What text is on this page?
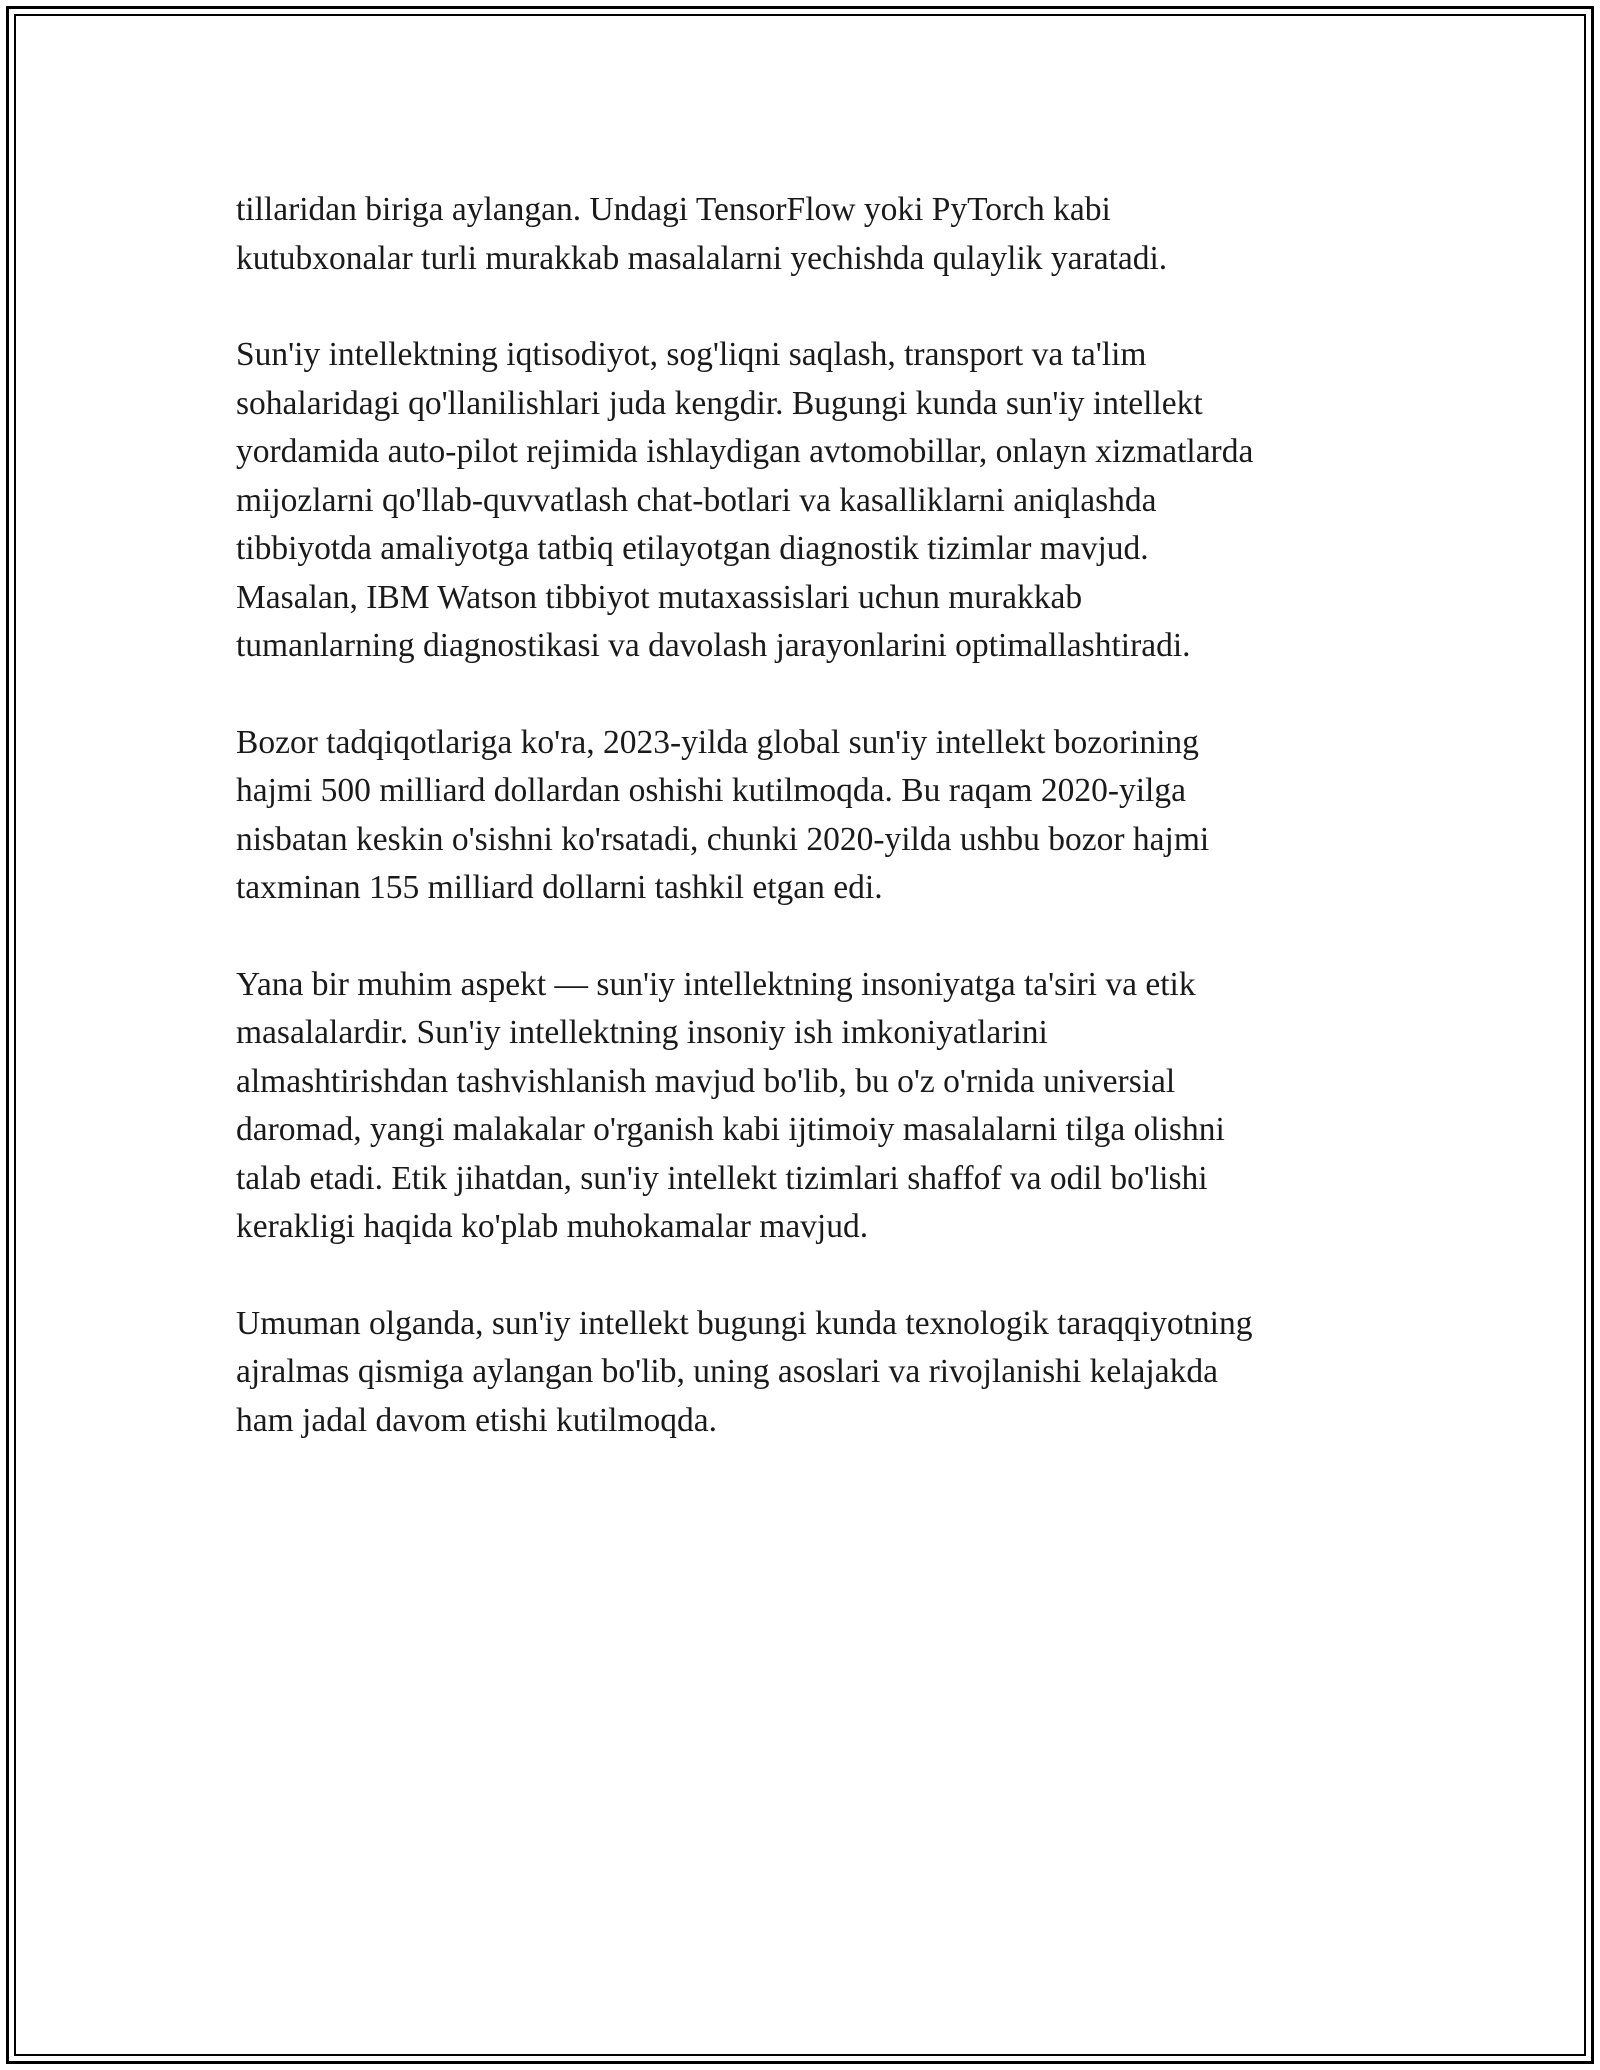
tillaridan biriga aylangan. Undagi TensorFlow yoki PyTorch kabi
kutubxonalar turli murakkab masalalarni yechishda qulaylik yaratadi.

Sun'iy intellektning iqtisodiyot, sog'liqni saqlash, transport va ta'lim
sohalaridagi qo'llanilishlari juda kengdir. Bugungi kunda sun'iy intellekt
yordamida auto-pilot rejimida ishlaydigan avtomobillar, onlayn xizmatlarda
mijozlarni qo'llab-quvvatlash chat-botlari va kasalliklarni aniqlashda
tibbiyotda amaliyotga tatbiq etilayotgan diagnostik tizimlar mavjud.
Masalan, IBM Watson tibbiyot mutaxassislari uchun murakkab
tumanlarning diagnostikasi va davolash jarayonlarini optimallashtiradi.

Bozor tadqiqotlariga ko'ra, 2023-yilda global sun'iy intellekt bozorining
hajmi 500 milliard dollardan oshishi kutilmoqda. Bu raqam 2020-yilga
nisbatan keskin o'sishni ko'rsatadi, chunki 2020-yilda ushbu bozor hajmi
taxminan 155 milliard dollarni tashkil etgan edi.

Yana bir muhim aspekt — sun'iy intellektning insoniyatga ta'siri va etik
masalalardir. Sun'iy intellektning insoniy ish imkoniyatlarini
almashtirishdan tashvishlanish mavjud bo'lib, bu o'z o'rnida universial
daromad, yangi malakalar o'rganish kabi ijtimoiy masalalarni tilga olishni
talab etadi. Etik jihatdan, sun'iy intellekt tizimlari shaffof va odil bo'lishi
kerakligi haqida ko'plab muhokamalar mavjud.

Umuman olganda, sun'iy intellekt bugungi kunda texnologik taraqqiyotning
ajralmas qismiga aylangan bo'lib, uning asoslari va rivojlanishi kelajakda
ham jadal davom etishi kutilmoqda.
